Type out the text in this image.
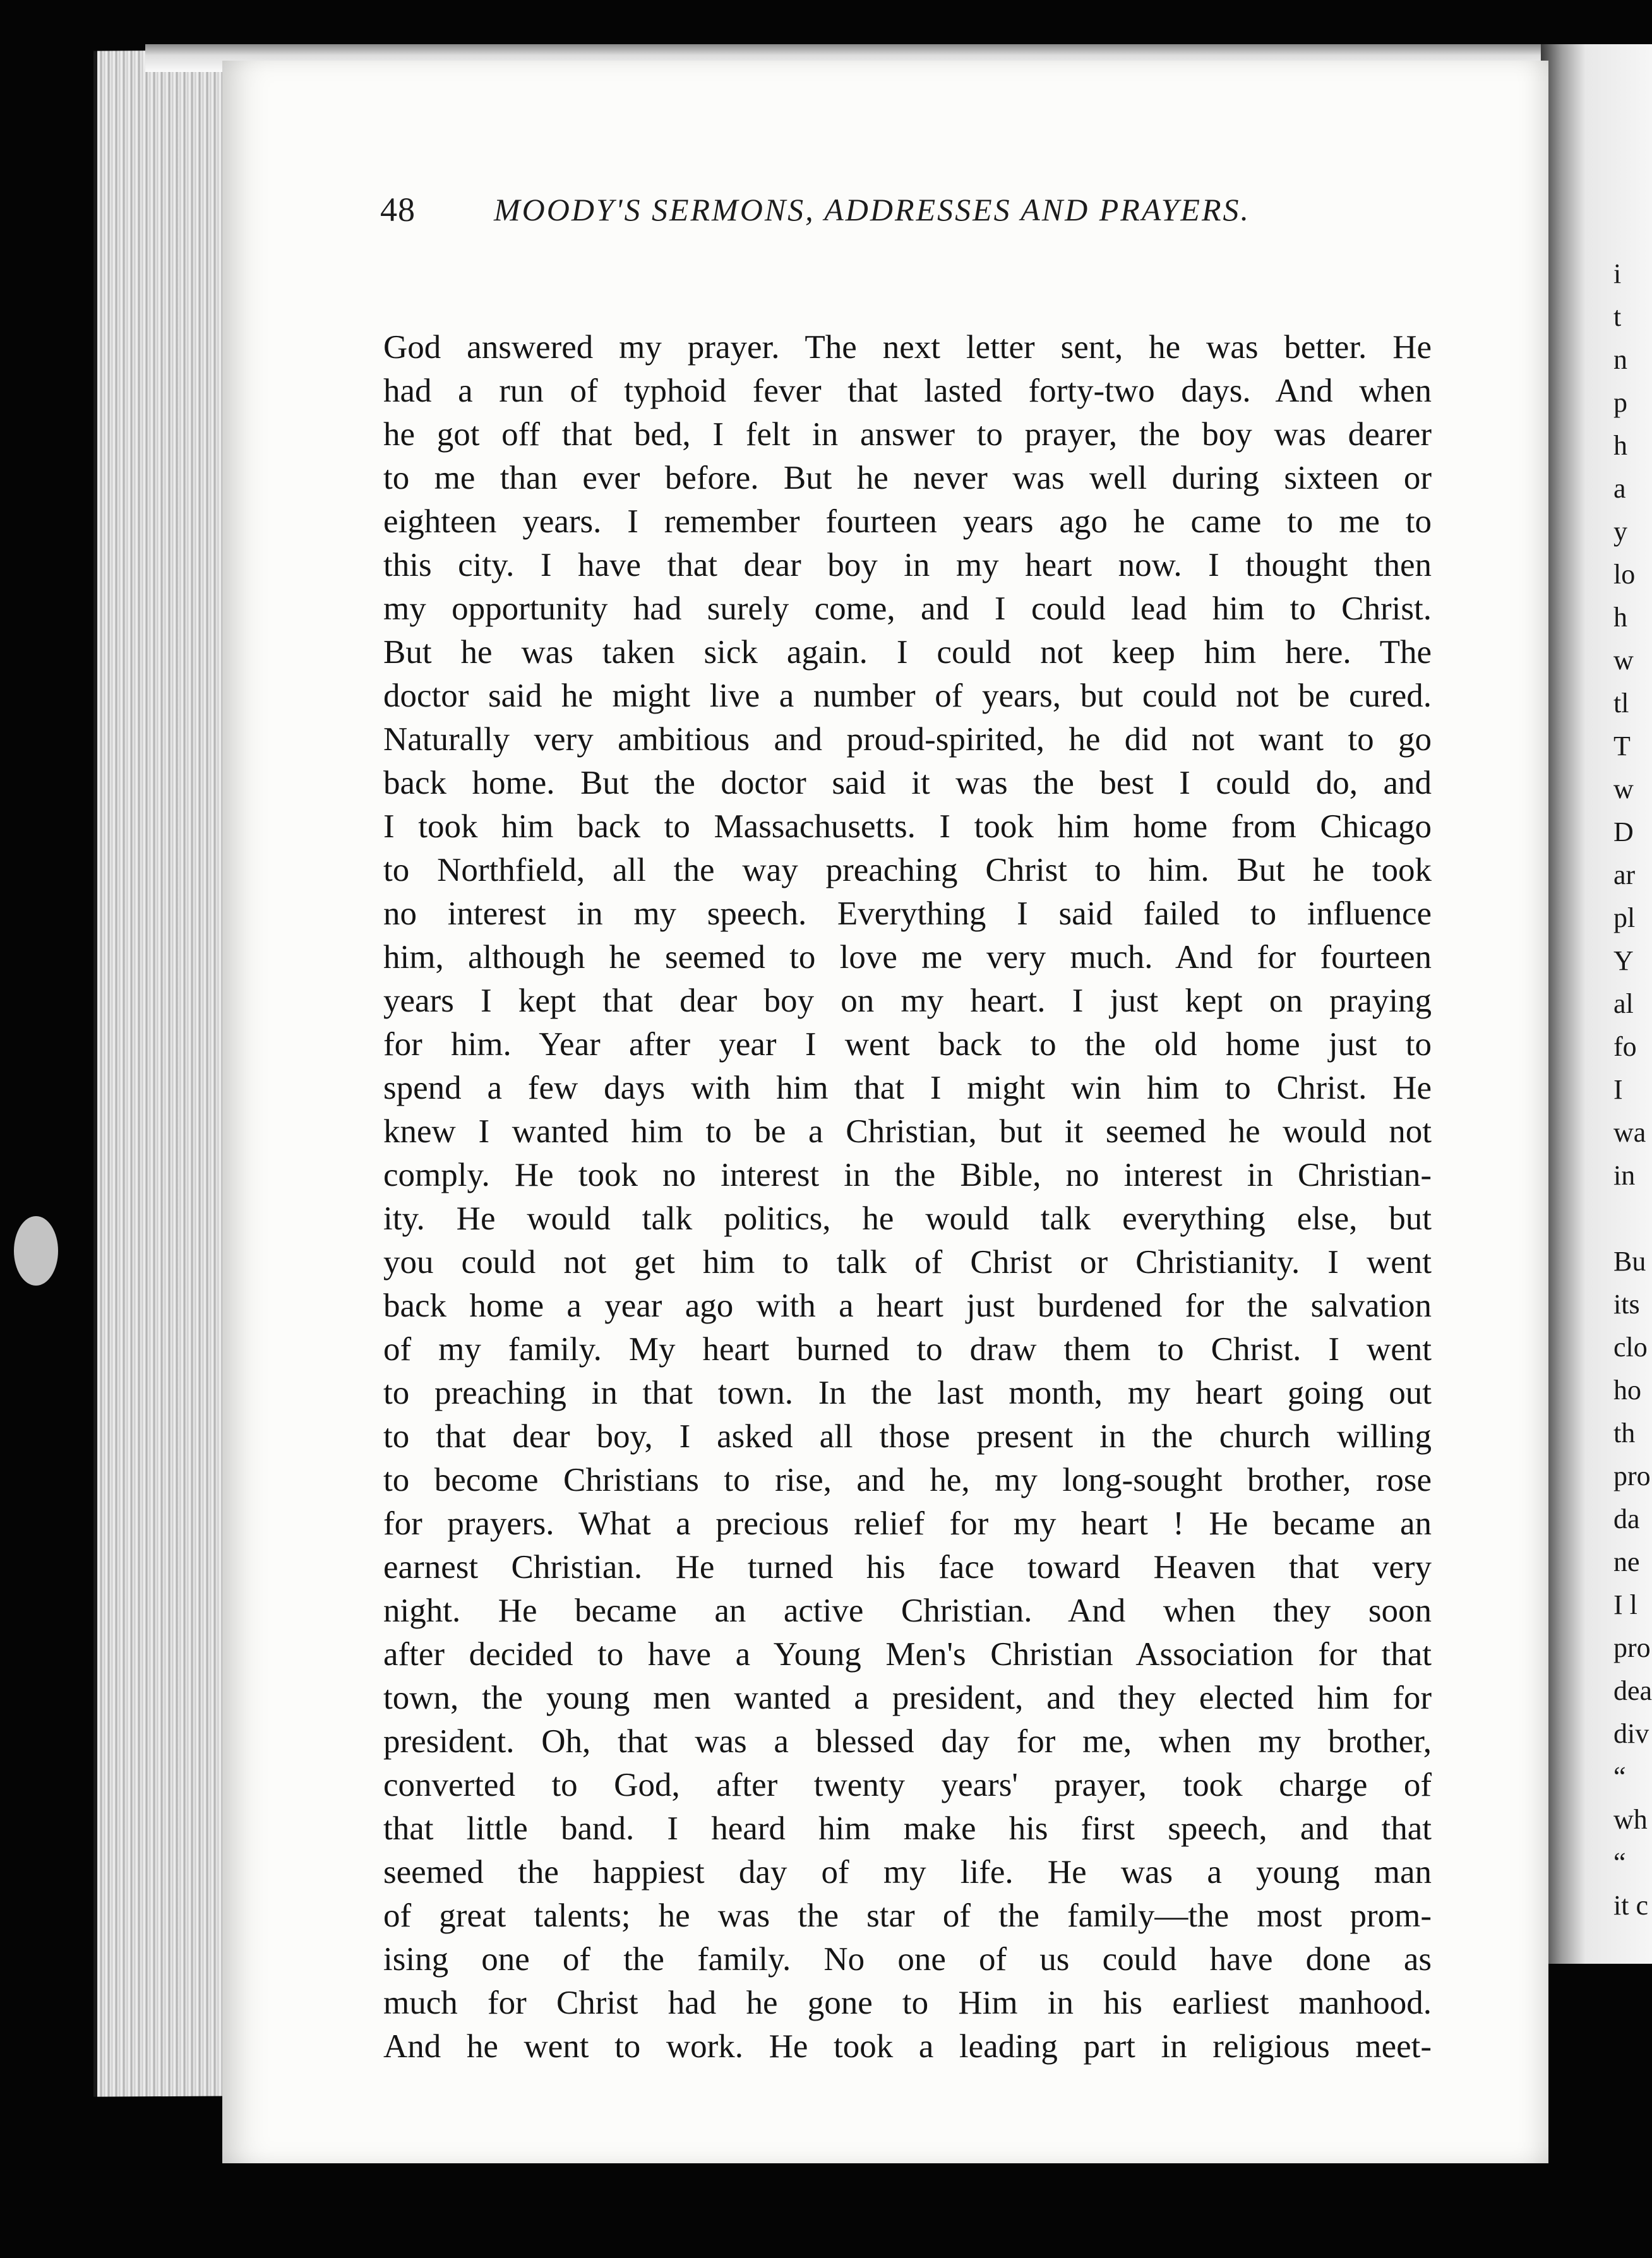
i
t
n
p
h
a
y
lo
h
w
tl
T
w
D
ar
pl
Y
al
fo
I
wa
in
Bu
its
clo
ho
th
pro
da
ne
I l
pro
dea
div
“
wh
“
it c
48 MOODY'S SERMONS, ADDRESSES AND PRAYERS.
God answered my prayer. The next letter sent, he was better. He
had a run of typhoid fever that lasted forty-two days. And when
he got off that bed, I felt in answer to prayer, the boy was dearer
to me than ever before. But he never was well during sixteen or
eighteen years. I remember fourteen years ago he came to me to
this city. I have that dear boy in my heart now. I thought then
my opportunity had surely come, and I could lead him to Christ.
But he was taken sick again. I could not keep him here. The
doctor said he might live a number of years, but could not be cured.
Naturally very ambitious and proud-spirited, he did not want to go
back home. But the doctor said it was the best I could do, and
I took him back to Massachusetts. I took him home from Chicago
to Northfield, all the way preaching Christ to him. But he took
no interest in my speech. Everything I said failed to influence
him, although he seemed to love me very much. And for fourteen
years I kept that dear boy on my heart. I just kept on praying
for him. Year after year I went back to the old home just to
spend a few days with him that I might win him to Christ. He
knew I wanted him to be a Christian, but it seemed he would not
comply. He took no interest in the Bible, no interest in Christian-
ity. He would talk politics, he would talk everything else, but
you could not get him to talk of Christ or Christianity. I went
back home a year ago with a heart just burdened for the salvation
of my family. My heart burned to draw them to Christ. I went
to preaching in that town. In the last month, my heart going out
to that dear boy, I asked all those present in the church willing
to become Christians to rise, and he, my long-sought brother, rose
for prayers. What a precious relief for my heart ! He became an
earnest Christian. He turned his face toward Heaven that very
night. He became an active Christian. And when they soon
after decided to have a Young Men's Christian Association for that
town, the young men wanted a president, and they elected him for
president. Oh, that was a blessed day for me, when my brother,
converted to God, after twenty years' prayer, took charge of
that little band. I heard him make his first speech, and that
seemed the happiest day of my life. He was a young man
of great talents; he was the star of the family—the most prom-
ising one of the family. No one of us could have done as
much for Christ had he gone to Him in his earliest manhood.
And he went to work. He took a leading part in religious meet-
